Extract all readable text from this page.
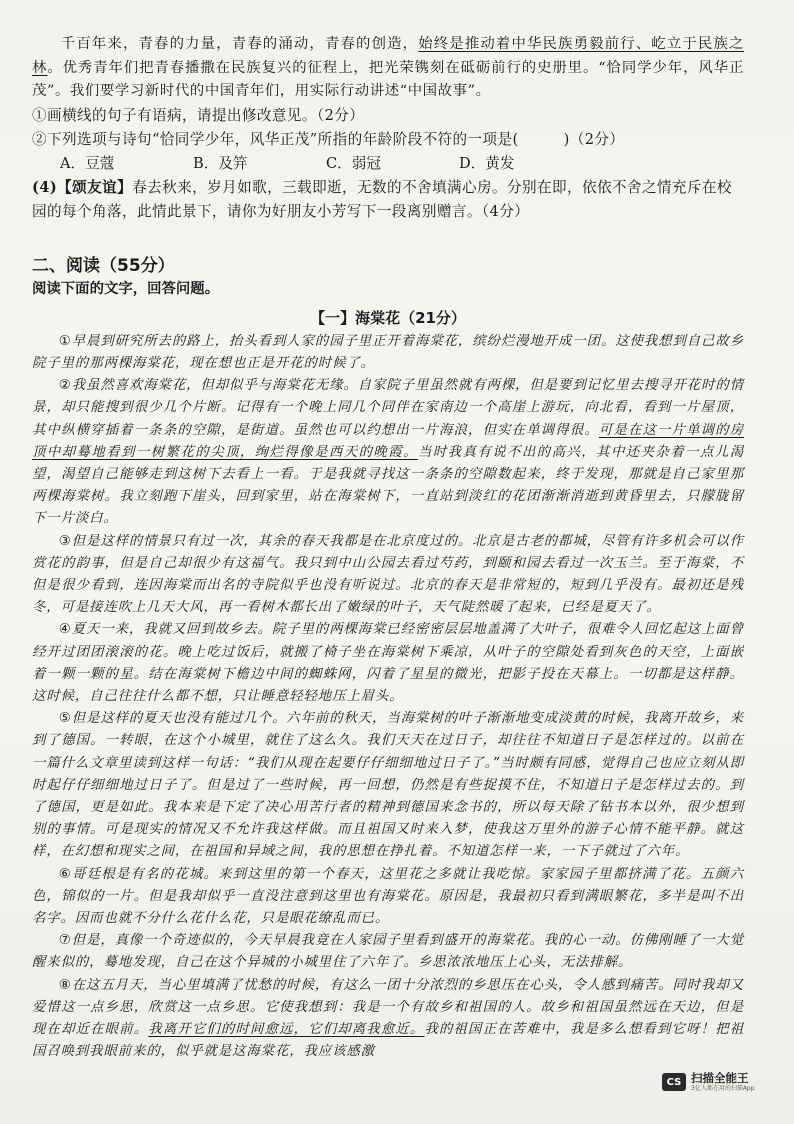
千百年来，青春的力量，青春的涌动，青春的创造，始终是推动着中华民族勇毅前行、屹立于民族之林。优秀青年们把青春播撒在民族复兴的征程上，把光荣镌刻在砥砺前行的史册里。“恰同学少年，风华正茂”。我们要学习新时代的中国青年们，用实际行动讲述“中国故事”。

①画横线的句子有语病，请提出修改意见。（2分）

②下列选项与诗句“恰同学少年，风华正茂”所指的年龄阶段不符的一项是(　　　)（2分）

A．豆蔻	B．及笄	C．弱冠	D．黄发

(4)【颂友谊】春去秋来，岁月如歌，三载即逝，无数的不舍填满心房。分别在即，依依不舍之情充斥在校园的每个角落，此情此景下，请你为好朋友小芳写下一段离别赠言。（4分）

二、阅读（55分）
阅读下面的文字，回答问题。
【一】海棠花（21分）

①早晨到研究所去的路上，抬头看到人家的园子里正开着海棠花，缤纷烂漫地开成一团。这使我想到自己故乡院子里的那两棵海棠花，现在想也正是开花的时候了。

②我虽然喜欢海棠花，但却似乎与海棠花无缘。自家院子里虽然就有两棵，但是要到记忆里去搜寻开花时的情景，却只能搜到很少几个片断。记得有一个晚上同几个同伴在家南边一个高崖上游玩，向北看，看到一片屋顶，其中纵横穿插着一条条的空隙，是街道。虽然也可以约想出一片海浪，但实在单调得很。可是在这一片单调的房顶中却蓦地看到一树繁花的尖顶，绚烂得像是西天的晚霞。当时我真有说不出的高兴，其中还夹杂着一点儿渴望，渴望自己能够走到这树下去看上一看。于是我就寻找这一条条的空隙数起来，终于发现，那就是自己家里那两棵海棠树。我立刻跑下崖头，回到家里，站在海棠树下，一直站到淡红的花团渐渐消逝到黄昏里去，只朦胧留下一片淡白。

③但是这样的情景只有过一次，其余的春天我都是在北京度过的。北京是古老的都城，尽管有许多机会可以作赏花的韵事，但是自己却很少有这福气。我只到中山公园去看过芍药，到颐和园去看过一次玉兰。至于海棠，不但是很少看到，连因海棠而出名的寺院似乎也没有听说过。北京的春天是非常短的，短到几乎没有。最初还是残冬，可是接连吹上几天大风，再一看树木都长出了嫩绿的叶子，天气陡然暖了起来，已经是夏天了。

④夏天一来，我就又回到故乡去。院子里的两棵海棠已经密密层层地盖满了大叶子，很难令人回忆起这上面曾经开过团团滚滚的花。晚上吃过饭后，就搬了椅子坐在海棠树下乘凉，从叶子的空隙处看到灰色的天空，上面嵌着一颗一颗的星。结在海棠树下檐边中间的蜘蛛网，闪着了星星的微光，把影子投在天幕上。一切都是这样静。这时候，自己往往什么都不想，只让睡意轻轻地压上眉头。

⑤但是这样的夏天也没有能过几个。六年前的秋天，当海棠树的叶子渐渐地变成淡黄的时候，我离开故乡，来到了德国。一转眼，在这个小城里，就住了这么久。我们天天在过日子，却往往不知道日子是怎样过的。以前在一篇什么文章里读到这样一句话：“我们从现在起要仔仔细细地过日子了。”当时颇有同感，觉得自己也应立刻从即时起仔仔细细地过日子了。但是过了一些时候，再一回想，仍然是有些捉摸不住，不知道日子是怎样过去的。到了德国，更是如此。我本来是下定了决心用苦行者的精神到德国来念书的，所以每天除了钻书本以外，很少想到别的事情。可是现实的情况又不允许我这样做。而且祖国又时来入梦，使我这万里外的游子心情不能平静。就这样，在幻想和现实之间，在祖国和异域之间，我的思想在挣扎着。不知道怎样一来，一下子就过了六年。

⑥哥廷根是有名的花城。来到这里的第一个春天，这里花之多就让我吃惊。家家园子里都挤满了花。五颜六色，锦似的一片。但是我却似乎一直没注意到这里也有海棠花。原因是，我最初只看到满眼繁花，多半是叫不出名字。因而也就不分什么花什么花，只是眼花缭乱而已。

⑦但是，真像一个奇迹似的，今天早晨我竟在人家园子里看到盛开的海棠花。我的心一动。仿佛刚睡了一大觉醒来似的，蓦地发现，自己在这个异城的小城里住了六年了。乡思浓浓地压上心头，无法排解。

⑧在这五月天，当心里填满了忧愁的时候，有这么一团十分浓烈的乡思压在心头，令人感到痛苦。同时我却又爱惜这一点乡思，欣赏这一点乡思。它使我想到：我是一个有故乡和祖国的人。故乡和祖国虽然远在天边，但是现在却近在眼前。我离开它们的时间愈远，它们却离我愈近。我的祖国正在苦难中，我是多么想看到它呀！把祖国召唤到我眼前来的，似乎就是这海棠花，我应该感激

CS 扫描全能王
3亿人都在用的扫描App
